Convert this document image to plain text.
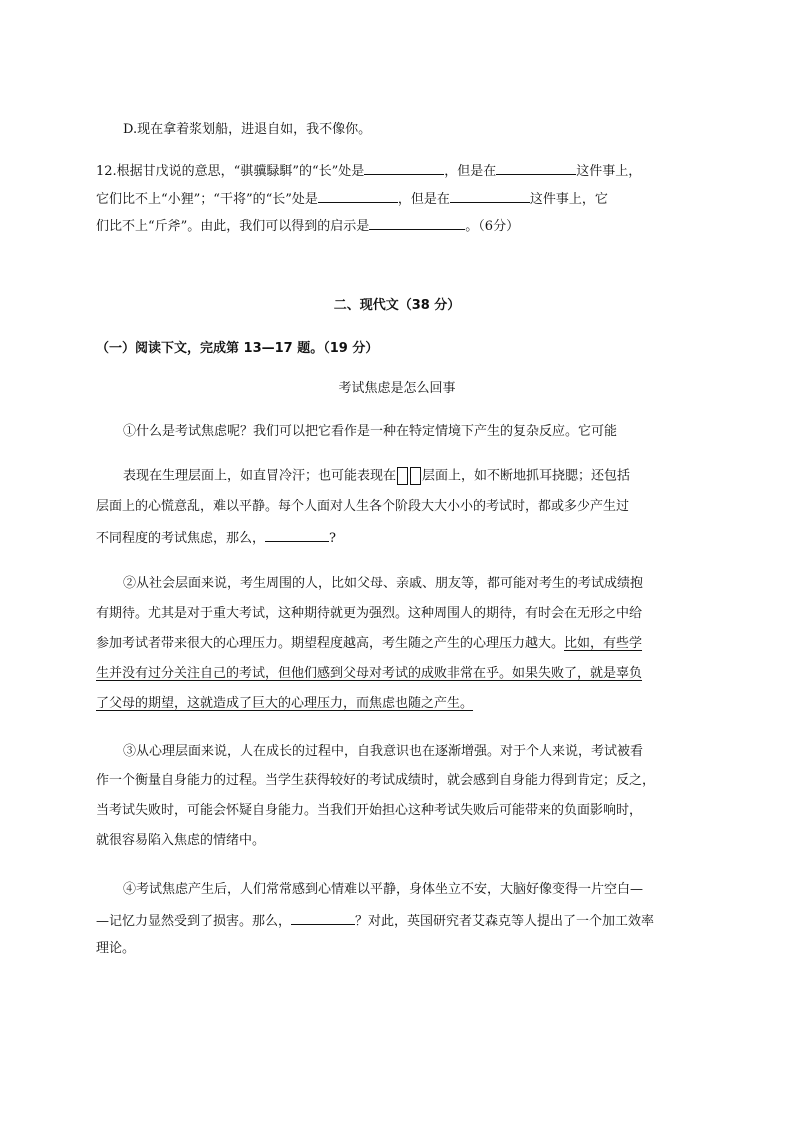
D.现在拿着浆划船，进退自如，我不像你。
12.根据甘戊说的意思，“骐骥騄駬”的“长”处是	，但是在	这件事上，
它们比不上“小狸”；“干将”的“长”处是	，但是在	这件事上，它
们比不上“斤斧”。由此，我们可以得到的启示是	。（6分）
二、现代文（38 分）
（一）阅读下文，完成第 13—17 题。（19 分）
考试焦虑是怎么回事
①什么是考试焦虑呢？我们可以把它看作是一种在特定情境下产生的复杂反应。它可能
表现在生理层面上，如直冒冷汗；也可能表现在 层面上，如不断地抓耳挠腮；还包括
层面上的心慌意乱，难以平静。每个人面对人生各个阶段大大小小的考试时，都或多少产生过
不同程度的考试焦虑，那么，	?
②从社会层面来说，考生周围的人，比如父母、亲戚、朋友等，都可能对考生的考试成绩抱
有期待。尤其是对于重大考试，这种期待就更为强烈。这种周围人的期待，有时会在无形之中给
参加考试者带来很大的心理压力。期望程度越高，考生随之产生的心理压力越大。比如，有些学
生并没有过分关注自己的考试，但他们感到父母对考试的成败非常在乎。如果失败了，就是辜负
了父母的期望，这就造成了巨大的心理压力，而焦虑也随之产生。
③从心理层面来说，人在成长的过程中，自我意识也在逐渐增强。对于个人来说，考试被看
作一个衡量自身能力的过程。当学生获得较好的考试成绩时，就会感到自身能力得到肯定；反之，
当考试失败时，可能会怀疑自身能力。当我们开始担心这种考试失败后可能带来的负面影响时，
就很容易陷入焦虑的情绪中。
④考试焦虑产生后，人们常常感到心情难以平静，身体坐立不安，大脑好像变得一片空白—
—记忆力显然受到了损害。那么，	？对此，英国研究者艾森克等人提出了一个加工效率
理论。
